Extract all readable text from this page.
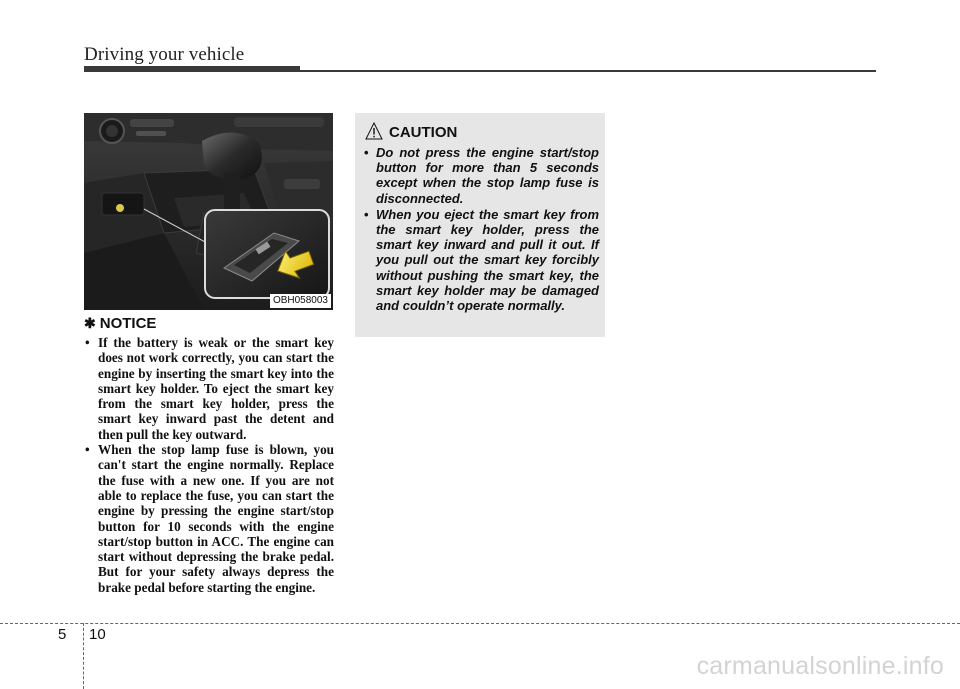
Driving your vehicle
OBH058003
✱ NOTICE
• If the battery is weak or the smart key does not work correctly, you can start the engine by inserting the smart key into the smart key holder. To eject the smart key from the smart key holder, press the smart key inward past the detent and then pull the key outward.
• When the stop lamp fuse is blown, you can't start the engine normally. Replace the fuse with a new one. If you are not able to replace the fuse, you can start the engine by pressing the engine start/stop button for 10 seconds with the engine start/stop button in ACC. The engine can start without depressing the brake pedal. But for your safety always depress the brake pedal before starting the engine.
CAUTION
• Do not press the engine start/stop button for more than 5 seconds except when the stop lamp fuse is disconnected.
• When you eject the smart key from the smart key holder, press the smart key inward and pull it out. If you pull out the smart key forcibly without pushing the smart key, the smart key holder may be damaged and couldn’t operate normally.
5 10
carmanualsonline.info
